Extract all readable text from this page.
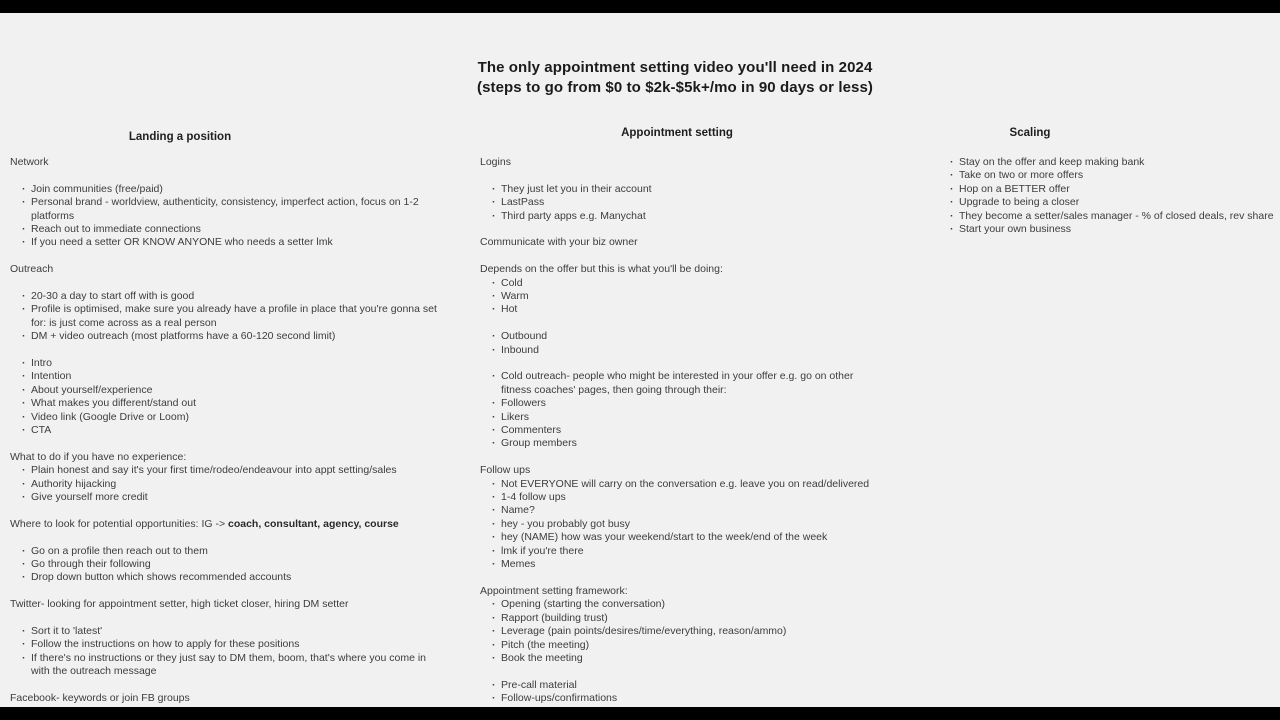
The only appointment setting video you'll need in 2024
(steps to go from $0 to $2k-$5k+/mo in 90 days or less)
Landing a position
Network
· Join communities (free/paid)
· Personal brand - worldview, authenticity, consistency, imperfect action, focus on 1-2 platforms
· Reach out to immediate connections
· If you need a setter OR KNOW ANYONE who needs a setter lmk
Outreach
· 20-30 a day to start off with is good
· Profile is optimised, make sure you already have a profile in place that you're gonna set for: is just come across as a real person
· DM + video outreach (most platforms have a 60-120 second limit)
· Intro
· Intention
· About yourself/experience
· What makes you different/stand out
· Video link (Google Drive or Loom)
· CTA
What to do if you have no experience:
· Plain honest and say it's your first time/rodeo/endeavour into appt setting/sales
· Authority hijacking
· Give yourself more credit
Where to look for potential opportunities: IG -> coach, consultant, agency, course
· Go on a profile then reach out to them
· Go through their following
· Drop down button which shows recommended accounts
Twitter- looking for appointment setter, high ticket closer, hiring DM setter
· Sort it to 'latest'
· Follow the instructions on how to apply for these positions
· If there's no instructions or they just say to DM them, boom, that's where you come in with the outreach message
Facebook- keywords or join FB groups
Appointment setting
Logins
· They just let you in their account
· LastPass
· Third party apps e.g. Manychat
Communicate with your biz owner
Depends on the offer but this is what you'll be doing:
· Cold
· Warm
· Hot
· Outbound
· Inbound
· Cold outreach- people who might be interested in your offer e.g. go on other fitness coaches' pages, then going through their:
· Followers
· Likers
· Commenters
· Group members
Follow ups
· Not EVERYONE will carry on the conversation e.g. leave you on read/delivered
· 1-4 follow ups
· Name?
· hey - you probably got busy
· hey (NAME) how was your weekend/start to the week/end of the week
· lmk if you're there
· Memes
Appointment setting framework:
· Opening (starting the conversation)
· Rapport (building trust)
· Leverage (pain points/desires/time/everything, reason/ammo)
· Pitch (the meeting)
· Book the meeting
· Pre-call material
· Follow-ups/confirmations
Scaling
· Stay on the offer and keep making bank
· Take on two or more offers
· Hop on a BETTER offer
· Upgrade to being a closer
· They become a setter/sales manager - % of closed deals, rev share
· Start your own business
